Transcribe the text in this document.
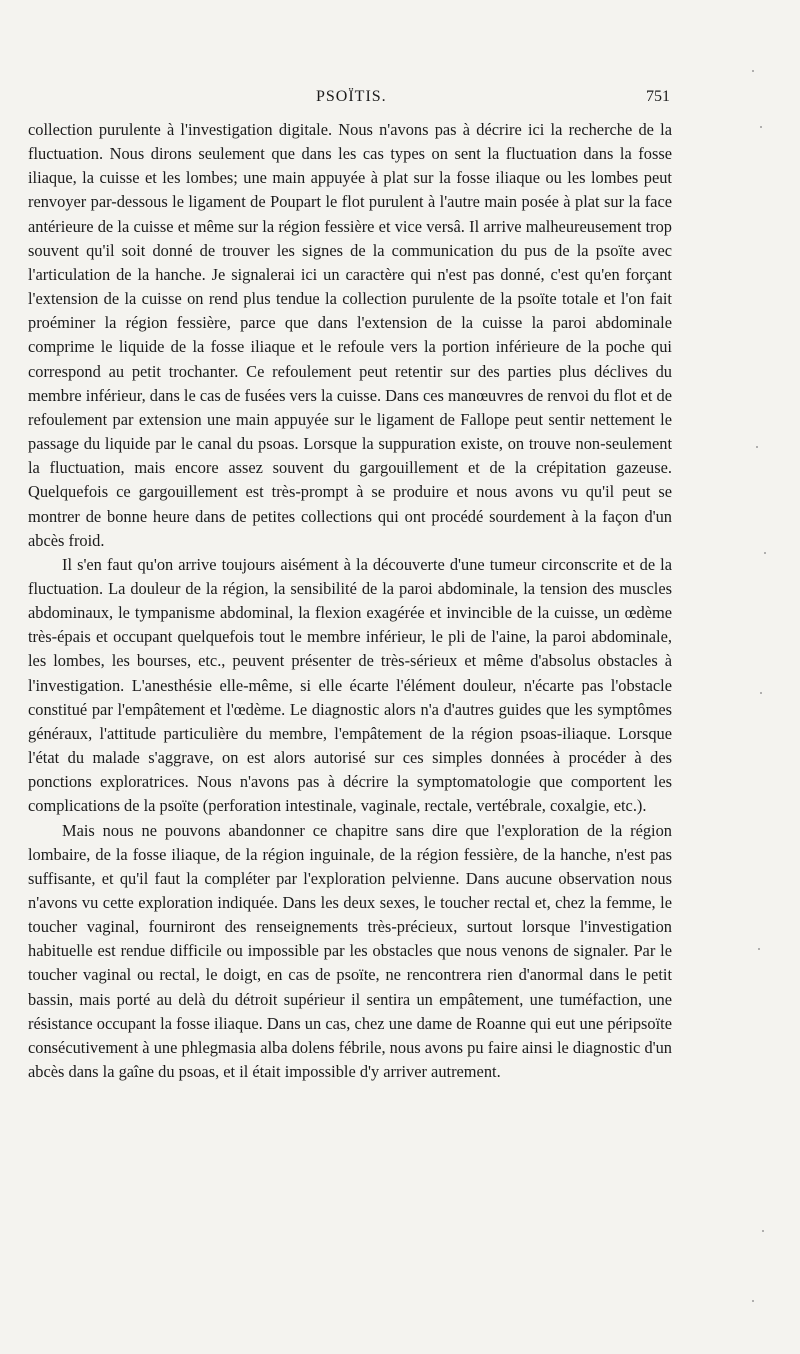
PSOÏTIS.	751

collection purulente à l'investigation digitale. Nous n'avons pas à décrire ici la recherche de la fluctuation. Nous dirons seulement que dans les cas types on sent la fluctuation dans la fosse iliaque, la cuisse et les lombes; une main appuyée à plat sur la fosse iliaque ou les lombes peut renvoyer par-dessous le ligament de Poupart le flot purulent à l'autre main posée à plat sur la face antérieure de la cuisse et même sur la région fessière et vice versâ. Il arrive malheureusement trop souvent qu'il soit donné de trouver les signes de la communication du pus de la psoïte avec l'articulation de la hanche. Je signalerai ici un caractère qui n'est pas donné, c'est qu'en forçant l'extension de la cuisse on rend plus tendue la collection purulente de la psoïte totale et l'on fait proéminer la région fessière, parce que dans l'extension de la cuisse la paroi abdominale comprime le liquide de la fosse iliaque et le refoule vers la portion inférieure de la poche qui correspond au petit trochanter. Ce refoulement peut retentir sur des parties plus déclives du membre inférieur, dans le cas de fusées vers la cuisse. Dans ces manœuvres de renvoi du flot et de refoulement par extension une main appuyée sur le ligament de Fallope peut sentir nettement le passage du liquide par le canal du psoas. Lorsque la suppuration existe, on trouve non-seulement la fluctuation, mais encore assez souvent du gargouillement et de la crépitation gazeuse. Quelquefois ce gargouillement est très-prompt à se produire et nous avons vu qu'il peut se montrer de bonne heure dans de petites collections qui ont procédé sourdement à la façon d'un abcès froid.

Il s'en faut qu'on arrive toujours aisément à la découverte d'une tumeur circonscrite et de la fluctuation. La douleur de la région, la sensibilité de la paroi abdominale, la tension des muscles abdominaux, le tympanisme abdominal, la flexion exagérée et invincible de la cuisse, un œdème très-épais et occupant quelquefois tout le membre inférieur, le pli de l'aine, la paroi abdominale, les lombes, les bourses, etc., peuvent présenter de très-sérieux et même d'absolus obstacles à l'investigation. L'anesthésie elle-même, si elle écarte l'élément douleur, n'écarte pas l'obstacle constitué par l'empâtement et l'œdème. Le diagnostic alors n'a d'autres guides que les symptômes généraux, l'attitude particulière du membre, l'empâtement de la région psoas-iliaque. Lorsque l'état du malade s'aggrave, on est alors autorisé sur ces simples données à procéder à des ponctions exploratrices. Nous n'avons pas à décrire la symptomatologie que comportent les complications de la psoïte (perforation intestinale, vaginale, rectale, vertébrale, coxalgie, etc.).

Mais nous ne pouvons abandonner ce chapitre sans dire que l'exploration de la région lombaire, de la fosse iliaque, de la région inguinale, de la région fessière, de la hanche, n'est pas suffisante, et qu'il faut la compléter par l'exploration pelvienne. Dans aucune observation nous n'avons vu cette exploration indiquée. Dans les deux sexes, le toucher rectal et, chez la femme, le toucher vaginal, fourniront des renseignements très-précieux, surtout lorsque l'investigation habituelle est rendue difficile ou impossible par les obstacles que nous venons de signaler. Par le toucher vaginal ou rectal, le doigt, en cas de psoïte, ne rencontrera rien d'anormal dans le petit bassin, mais porté au delà du détroit supérieur il sentira un empâtement, une tuméfaction, une résistance occupant la fosse iliaque. Dans un cas, chez une dame de Roanne qui eut une péripsoïte consécutivement à une phlegmasia alba dolens fébrile, nous avons pu faire ainsi le diagnostic d'un abcès dans la gaîne du psoas, et il était impossible d'y arriver autrement.
